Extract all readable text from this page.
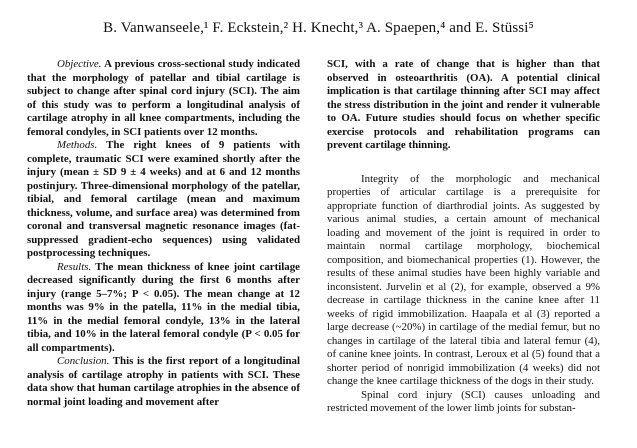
B. Vanwanseele,¹ F. Eckstein,² H. Knecht,³ A. Spaepen,⁴ and E. Stüssi⁵

Objective. A previous cross-sectional study indicated that the morphology of patellar and tibial cartilage is subject to change after spinal cord injury (SCI). The aim of this study was to perform a longitudinal analysis of cartilage atrophy in all knee compartments, including the femoral condyles, in SCI patients over 12 months.

Methods. The right knees of 9 patients with complete, traumatic SCI were examined shortly after the injury (mean ± SD 9 ± 4 weeks) and at 6 and 12 months postinjury. Three-dimensional morphology of the patellar, tibial, and femoral cartilage (mean and maximum thickness, volume, and surface area) was determined from coronal and transversal magnetic resonance images (fat-suppressed gradient-echo sequences) using validated postprocessing techniques.

Results. The mean thickness of knee joint cartilage decreased significantly during the first 6 months after injury (range 5–7%; P < 0.05). The mean change at 12 months was 9% in the patella, 11% in the medial tibia, 11% in the medial femoral condyle, 13% in the lateral tibia, and 10% in the lateral femoral condyle (P < 0.05 for all compartments).

Conclusion. This is the first report of a longitudinal analysis of cartilage atrophy in patients with SCI. These data show that human cartilage atrophies in the absence of normal joint loading and movement after

SCI, with a rate of change that is higher than that observed in osteoarthritis (OA). A potential clinical implication is that cartilage thinning after SCI may affect the stress distribution in the joint and render it vulnerable to OA. Future studies should focus on whether specific exercise protocols and rehabilitation programs can prevent cartilage thinning.

Integrity of the morphologic and mechanical properties of articular cartilage is a prerequisite for appropriate function of diarthrodial joints. As suggested by various animal studies, a certain amount of mechanical loading and movement of the joint is required in order to maintain normal cartilage morphology, biochemical composition, and biomechanical properties (1). However, the results of these animal studies have been highly variable and inconsistent. Jurvelin et al (2), for example, observed a 9% decrease in cartilage thickness in the canine knee after 11 weeks of rigid immobilization. Haapala et al (3) reported a large decrease (~20%) in cartilage of the medial femur, but no changes in cartilage of the lateral tibia and lateral femur (4), of canine knee joints. In contrast, Leroux et al (5) found that a shorter period of nonrigid immobilization (4 weeks) did not change the knee cartilage thickness of the dogs in their study.

Spinal cord injury (SCI) causes unloading and restricted movement of the lower limb joints for substan-
